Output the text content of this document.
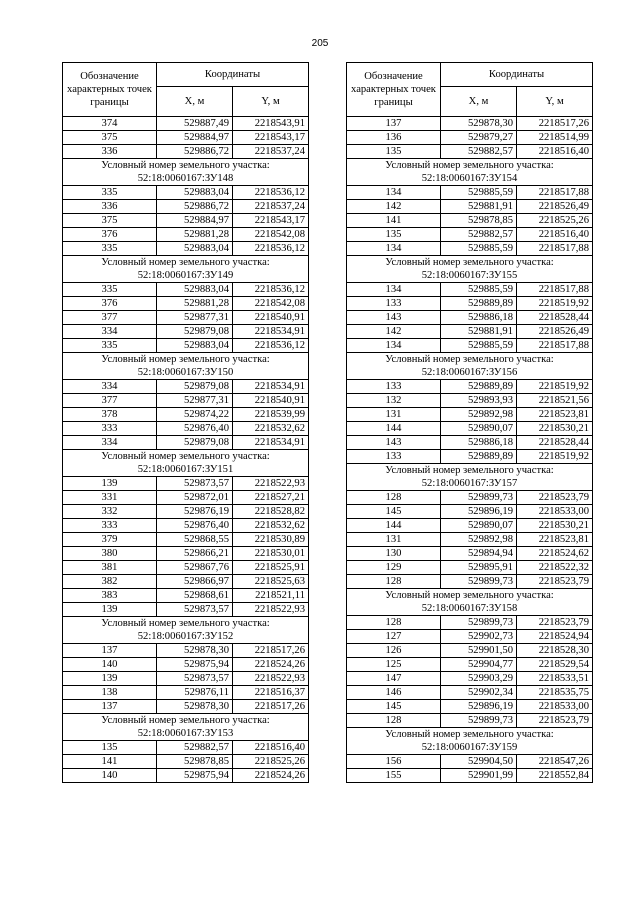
205
Обозначение характерных точек границы	Координаты	
	X, м	Y, м
374	529887,49	2218543,91
375	529884,97	2218543,17
336	529886,72	2218537,24
Условный номер земельного участка:
52:18:0060167:ЗУ148		
335	529883,04	2218536,12
336	529886,72	2218537,24
375	529884,97	2218543,17
376	529881,28	2218542,08
335	529883,04	2218536,12
Условный номер земельного участка:
52:18:0060167:ЗУ149		
335	529883,04	2218536,12
376	529881,28	2218542,08
377	529877,31	2218540,91
334	529879,08	2218534,91
335	529883,04	2218536,12
Условный номер земельного участка:
52:18:0060167:ЗУ150		
334	529879,08	2218534,91
377	529877,31	2218540,91
378	529874,22	2218539,99
333	529876,40	2218532,62
334	529879,08	2218534,91
Условный номер земельного участка:
52:18:0060167:ЗУ151		
139	529873,57	2218522,93
331	529872,01	2218527,21
332	529876,19	2218528,82
333	529876,40	2218532,62
379	529868,55	2218530,89
380	529866,21	2218530,01
381	529867,76	2218525,91
382	529866,97	2218525,63
383	529868,61	2218521,11
139	529873,57	2218522,93
Условный номер земельного участка:
52:18:0060167:ЗУ152		
137	529878,30	2218517,26
140	529875,94	2218524,26
139	529873,57	2218522,93
138	529876,11	2218516,37
137	529878,30	2218517,26
Условный номер земельного участка:
52:18:0060167:ЗУ153		
135	529882,57	2218516,40
141	529878,85	2218525,26
140	529875,94	2218524,26
Обозначение характерных точек границы	Координаты	
	X, м	Y, м
137	529878,30	2218517,26
136	529879,27	2218514,99
135	529882,57	2218516,40
Условный номер земельного участка:
52:18:0060167:ЗУ154		
134	529885,59	2218517,88
142	529881,91	2218526,49
141	529878,85	2218525,26
135	529882,57	2218516,40
134	529885,59	2218517,88
Условный номер земельного участка:
52:18:0060167:ЗУ155		
134	529885,59	2218517,88
133	529889,89	2218519,92
143	529886,18	2218528,44
142	529881,91	2218526,49
134	529885,59	2218517,88
Условный номер земельного участка:
52:18:0060167:ЗУ156		
133	529889,89	2218519,92
132	529893,93	2218521,56
131	529892,98	2218523,81
144	529890,07	2218530,21
143	529886,18	2218528,44
133	529889,89	2218519,92
Условный номер земельного участка:
52:18:0060167:ЗУ157		
128	529899,73	2218523,79
145	529896,19	2218533,00
144	529890,07	2218530,21
131	529892,98	2218523,81
130	529894,94	2218524,62
129	529895,91	2218522,32
128	529899,73	2218523,79
Условный номер земельного участка:
52:18:0060167:ЗУ158		
128	529899,73	2218523,79
127	529902,73	2218524,94
126	529901,50	2218528,30
125	529904,77	2218529,54
147	529903,29	2218533,51
146	529902,34	2218535,75
145	529896,19	2218533,00
128	529899,73	2218523,79
Условный номер земельного участка:
52:18:0060167:ЗУ159		
156	529904,50	2218547,26
155	529901,99	2218552,84
